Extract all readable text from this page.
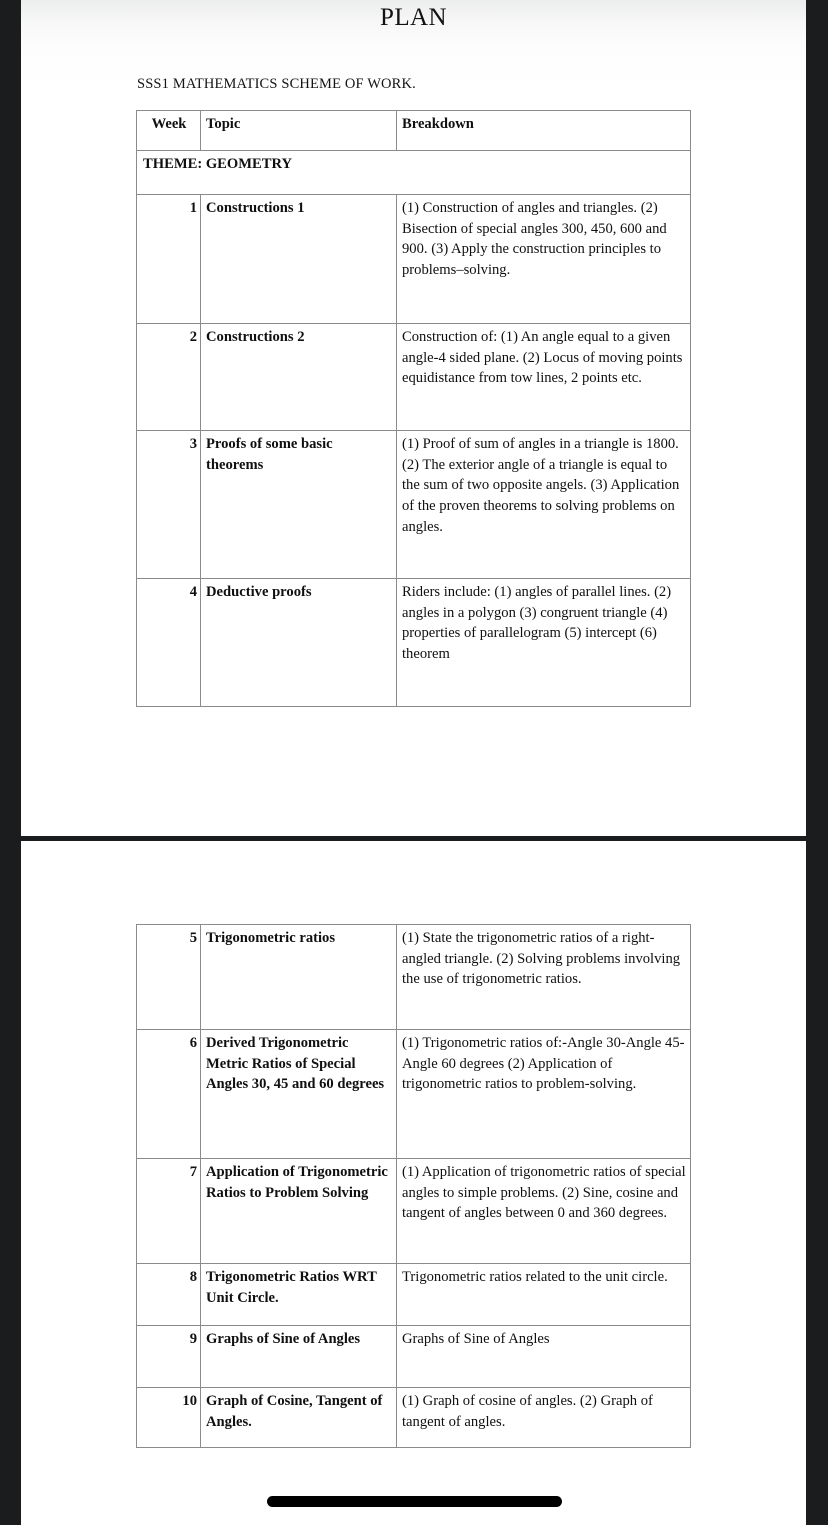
PLAN
SSS1 MATHEMATICS SCHEME OF WORK.
Week	Topic	Breakdown
THEME: GEOMETRY		
1	Constructions 1	(1) Construction of angles and triangles. (2) Bisection of special angles 300, 450, 600 and 900. (3) Apply the construction principles to problems–solving.
2	Constructions 2	Construction of: (1) An angle equal to a given angle-4 sided plane. (2) Locus of moving points equidistance from tow lines, 2 points etc.
3	Proofs of some basic theorems	(1) Proof of sum of angles in a triangle is 1800. (2) The exterior angle of a triangle is equal to the sum of two opposite angels. (3) Application of the proven theorems to solving problems on angles.
4	Deductive proofs	Riders include: (1) angles of parallel lines. (2) angles in a polygon (3) congruent triangle (4) properties of parallelogram (5) intercept (6) theorem
5	Trigonometric ratios	(1) State the trigonometric ratios of a right-angled triangle. (2) Solving problems involving the use of trigonometric ratios.
6	Derived Trigonometric Metric Ratios of Special Angles 30, 45 and 60 degrees	(1) Trigonometric ratios of:-Angle 30-Angle 45-Angle 60 degrees (2) Application of trigonometric ratios to problem-solving.
7	Application of Trigonometric Ratios to Problem Solving	(1) Application of trigonometric ratios of special angles to simple problems. (2) Sine, cosine and tangent of angles between 0 and 360 degrees.
8	Trigonometric Ratios WRT Unit Circle.	Trigonometric ratios related to the unit circle.
9	Graphs of Sine of Angles	Graphs of Sine of Angles
10	Graph of Cosine, Tangent of Angles.	(1) Graph of cosine of angles. (2) Graph of tangent of angles.
